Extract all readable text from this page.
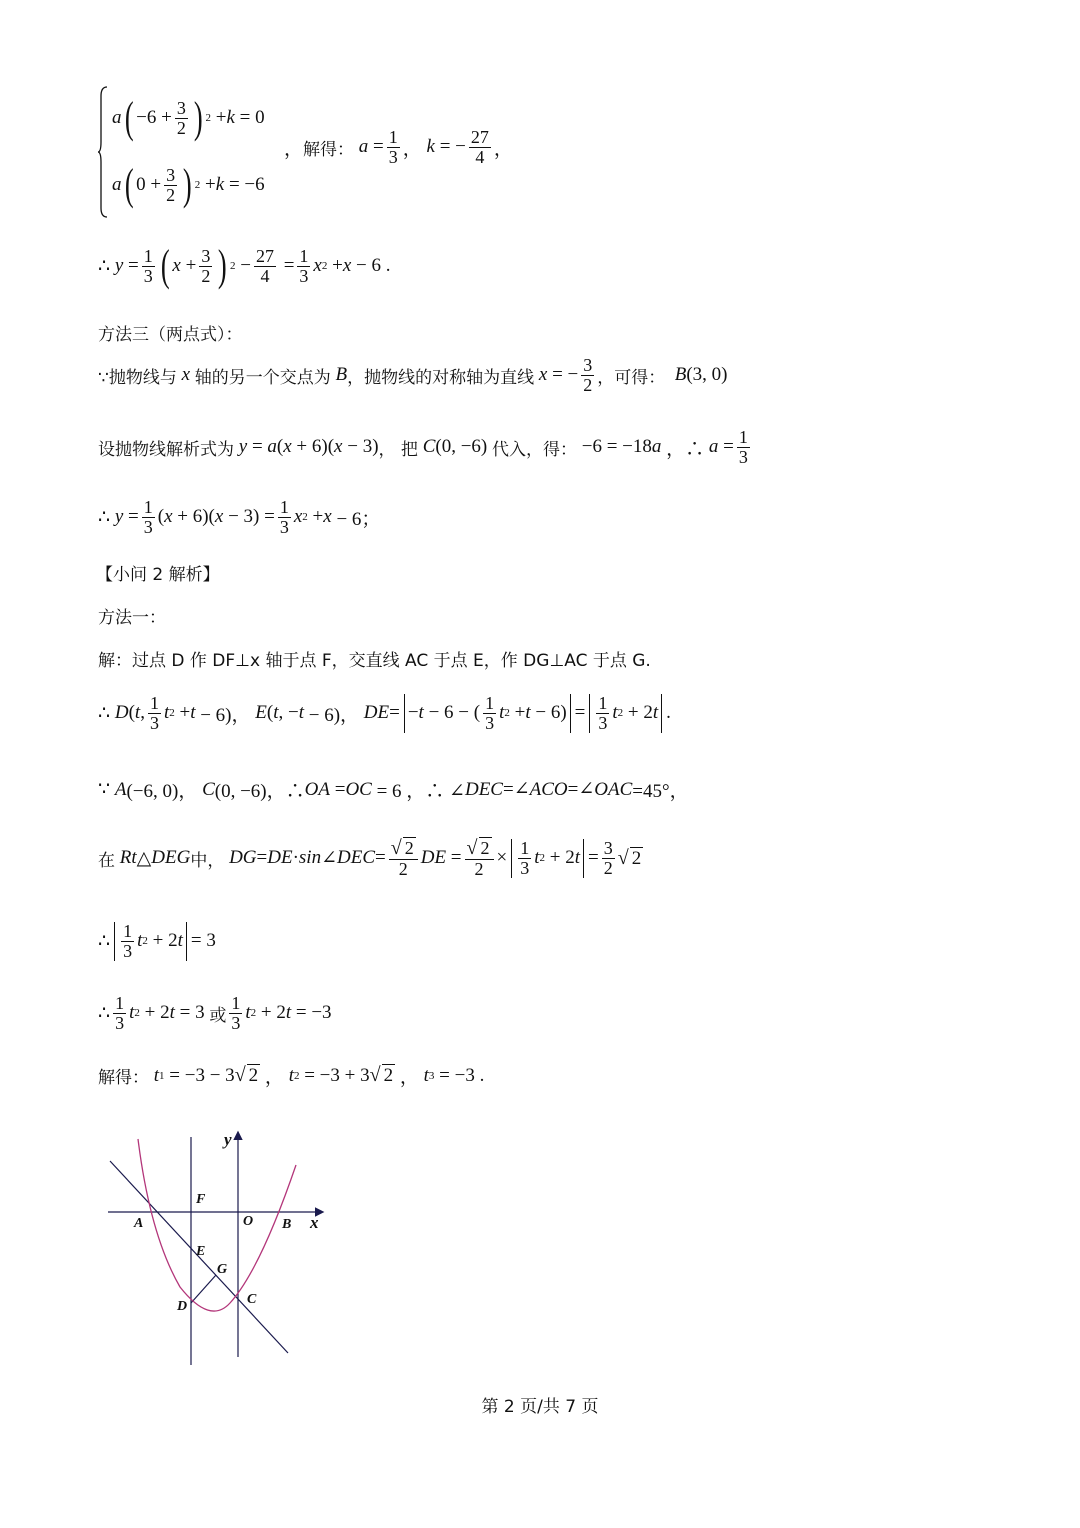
a ( $-6 + \frac{3}{2}$ ) 2 + k = 0
a ( $0 + \frac{3}{2}$ ) 2 + k = −6
， 解得：
$a = \frac{1}{3}$ ， k = − $\frac{27}{4}$ ，
∴ $y = \frac{1}{3}$ ( $x + \frac{3}{2}$ ) $2 - \frac{27}{4} = \frac{1}{3}$ x 2 + x − 6 .
方法三（两点式）：
∵抛物线与 x 轴的另一个交点为 B ，抛物线的对称轴为直线 x = − $\frac{3}{2}$ ，可得：
B (3, 0)
设抛物线解析式为
y = a ( x + 6)( x − 3) ， 把
C (0, −6) 代入，得： −6 = −18 a ，∴ $a = \frac{1}{3}$
∴ $y = \frac{1}{3}$ ( x + 6)( $x - 3) = \frac{1}{3}$ x 2 + x − 6；
【小问 2 解析】
方法一：
解：过点 D 作 DF⊥x 轴于点 F，交直线 AC 于点 E，作 DG⊥AC 于点 G.
∴ D ( t , $\frac{1}{3}$ t 2 + t − 6)， E ( t , − t − 6)， DE = − t − 6 − ( $\frac{1}{3}$ t $2 + t - 6) = \frac{1}{3}$ t 2 + 2 t .
∵ A (−6, 0)， C (0, −6)，∴ OA = OC = 6 ，∴ ∠ DEC =∠ ACO =∠ OAC =45°，
在
Rt △ DEG 中，
DG = DE · sin ∠ DEC = $\frac{√ 2}{2}$ DE = $\frac{√ 2}{2} \times \frac{1}{3}$ t 2 + 2 $t = \frac{3}{2}$ √ 2
∴ $\frac{1}{3}$ t 2 + 2 t = 3
∴ $\frac{1}{3}$ t 2 + 2 t = 3 或 $\frac{1}{3}$ t 2 + 2 t = −3
解得：
t 1 = −3 − 3 √ 2 ， t 2 = −3 + 3 √ 2 ， t 3 = −3 .
y
x
F
A	O B
E
G
D	C
第 2 页/共 7 页
